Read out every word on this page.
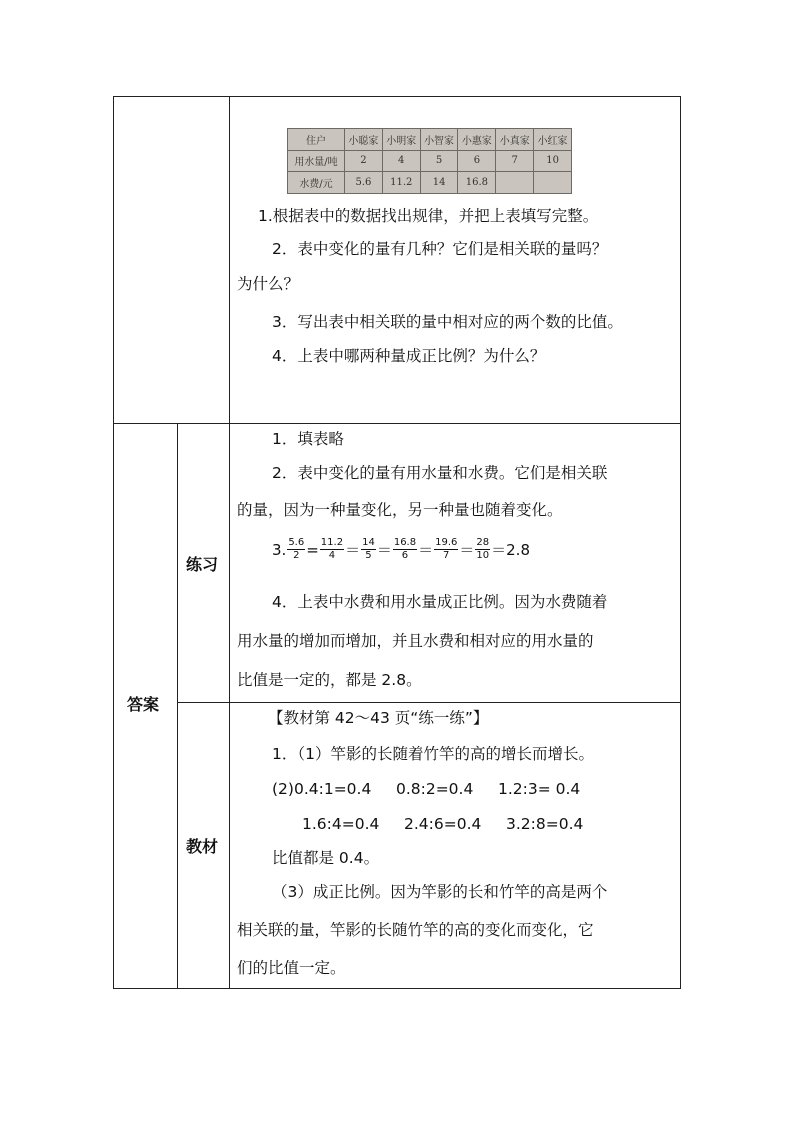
住户	小聪家	小明家	小智家	小惠家	小真家	小红家
用水量/吨	2	4	5	6	7	10
水费/元	5.6	11.2	14	16.8		
1.根据表中的数据找出规律，并把上表填写完整。
2．表中变化的量有几种？它们是相关联的量吗？
为什么？
3．写出表中相关联的量中相对应的两个数的比值。
4．上表中哪两种量成正比例？为什么？
答案
练习
教材
1．填表略
2．表中变化的量有用水量和水费。它们是相关联
的量，因为一种量变化，另一种量也随着变化。
3. $\frac{5.6}{2} = \frac{11.2}{4} = \frac{14}{5} = \frac{16.8}{6} = \frac{19.6}{7} = \frac{28}{10} =2.8$
4．上表中水费和用水量成正比例。因为水费随着
用水量的增加而增加，并且水费和相对应的用水量的
比值是一定的，都是 2.8。
【教材第 42～43 页“练一练”】
1．（1）竿影的长随着竹竿的高的增长而增长。
(2)0.4:1=0.4     0.8:2=0.4     1.2:3= 0.4
1.6:4=0.4     2.4:6=0.4     3.2:8=0.4
比值都是 0.4。
（3）成正比例。因为竿影的长和竹竿的高是两个
相关联的量，竿影的长随竹竿的高的变化而变化，它
们的比值一定。
